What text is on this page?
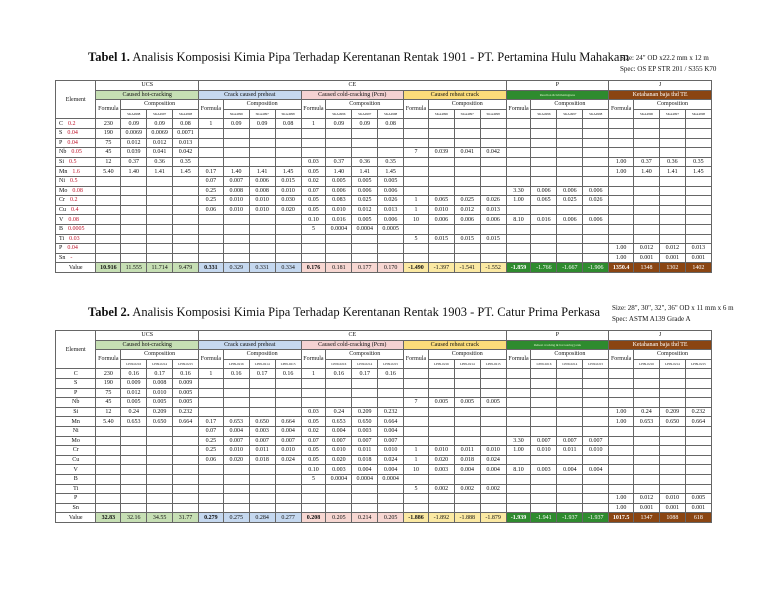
Tabel 1. Analisis Komposisi Kimia Pipa Terhadap Kerentanan Rentak 1901 - PT. Pertamina Hulu Mahakam
Size: 24" OD x22.2 mm x 12 m
Spec: OS EP STR 201 / S355 K70
Element	UCS				CE												P				J			
	Caused hot-cracking				Crack caused preheat				Caused cold-cracking (Pcm)				Caused reheat crack				Reaction & brittleningness				Ketahanan baja thd TE			
	Formula	Composition			Formula	Composition			Formula	Composition			Formula	Composition			Formula	Composition			Formula	Composition		
		SKA4998	SKA4997	SKA4998		SKA4996	SKA4997	SKA4998		SKA4996	SKA4997	SKA4998		SKA4996	SKA4997	SKA4998		SKA4996	SKA4997	SKA4998		SKA4996	SKA4997	SKA4998
C 0.2	230	0.09	0.09	0.08	1	0.09	0.09	0.08	1	0.09	0.09	0.08												
S 0.04	190	0.0069	0.0069	0.0071																				
P 0.04	75	0.012	0.012	0.013																				
Nb 0.05	45	0.039	0.041	0.042									7	0.039	0.041	0.042								
Si 0.5	12	0.37	0.36	0.35					0.03	0.37	0.36	0.35									1.00	0.37	0.36	0.35
Mn 1.6	5.40	1.40	1.41	1.45	0.17	1.40	1.41	1.45	0.05	1.40	1.41	1.45									1.00	1.40	1.41	1.45
Ni 0.5					0.07	0.007	0.006	0.015	0.02	0.005	0.005	0.005												
Mo 0.08					0.25	0.008	0.008	0.010	0.07	0.006	0.006	0.006					3.30	0.006	0.006	0.006				
Cr 0.2					0.25	0.010	0.010	0.030	0.05	0.083	0.025	0.026	1	0.065	0.025	0.026	1.00	0.065	0.025	0.026				
Cu 0.4					0.06	0.010	0.010	0.020	0.05	0.010	0.012	0.013	1	0.010	0.012	0.013								
V 0.08									0.10	0.016	0.005	0.006	10	0.006	0.006	0.006	8.10	0.016	0.006	0.006				
B 0.0005									5	0.0004	0.0004	0.0005												
Ti 0.03													5	0.015	0.015	0.015								
P 0.04																					1.00	0.012	0.012	0.013
Sn -																					1.00	0.001	0.001	0.001
Value	10.916	11.555	11.714	9.479	0.331	0.329	0.331	0.334	0.176	0.181	0.177	0.170	-1.490	-1.397	-1.541	-1.552	-1.859	-1.766	-1.667	-1.906	1350.4	1348	1302	1402
Tabel 2. Analisis Komposisi Kimia Pipa Terhadap Kerentanan Rentak 1903 - PT. Catur Prima Perkasa Size: 28", 30", 32", 36" OD x 11 mm x 6 m
Spec: ASTM A139 Grade A
Element	UCS				CE												P				J			
	Caused hot-cracking				Crack caused preheat				Caused cold-cracking (Pcm)				Caused reheat crack				Reheat cracking & hot tearing jarak				Ketahanan baja thd TE			
	Formula	Composition			Formula	Composition			Formula	Composition			Formula	Composition			Formula	Composition			Formula	Composition		
		LP09-0216	LP09-0214	LP09-0215		LP09-0216	LP09-0214	LP09-0215		LP09-0216	LP09-0214	LP09-0215		LP09-0216	LP09-0214	LP09-0215		LP09-0216	LP09-0214	LP09-0215		LP09-0216	LP09-0214	LP09-0215
C	230	0.16	0.17	0.16	1	0.16	0.17	0.16	1	0.16	0.17	0.16												
S	190	0.009	0.008	0.009																				
P	75	0.012	0.010	0.005																				
Nb	45	0.005	0.005	0.005									7	0.005	0.005	0.005								
Si	12	0.24	0.209	0.232					0.03	0.24	0.209	0.232									1.00	0.24	0.209	0.232
Mn	5.40	0.653	0.650	0.664	0.17	0.653	0.650	0.664	0.05	0.653	0.650	0.664									1.00	0.653	0.650	0.664
Ni					0.07	0.004	0.003	0.004	0.02	0.004	0.003	0.004												
Mo					0.25	0.007	0.007	0.007	0.07	0.007	0.007	0.007					3.30	0.007	0.007	0.007				
Cr					0.25	0.010	0.011	0.010	0.05	0.010	0.011	0.010	1	0.010	0.011	0.010	1.00	0.010	0.011	0.010				
Cu					0.06	0.020	0.018	0.024	0.05	0.020	0.018	0.024	1	0.020	0.018	0.024								
V									0.10	0.003	0.004	0.004	10	0.003	0.004	0.004	8.10	0.003	0.004	0.004				
B									5	0.0004	0.0004	0.0004												
Ti													5	0.002	0.002	0.002								
P																					1.00	0.012	0.010	0.005
Sn																					1.00	0.001	0.001	0.001
Value	32.83	32.16	34.55	31.77	0.279	0.275	0.284	0.277	0.208	0.205	0.214	0.205	-1.886	-1.892	-1.888	-1.879	-1.939	-1.941	-1.937	-1.937	1017.5	1347	1088	618
